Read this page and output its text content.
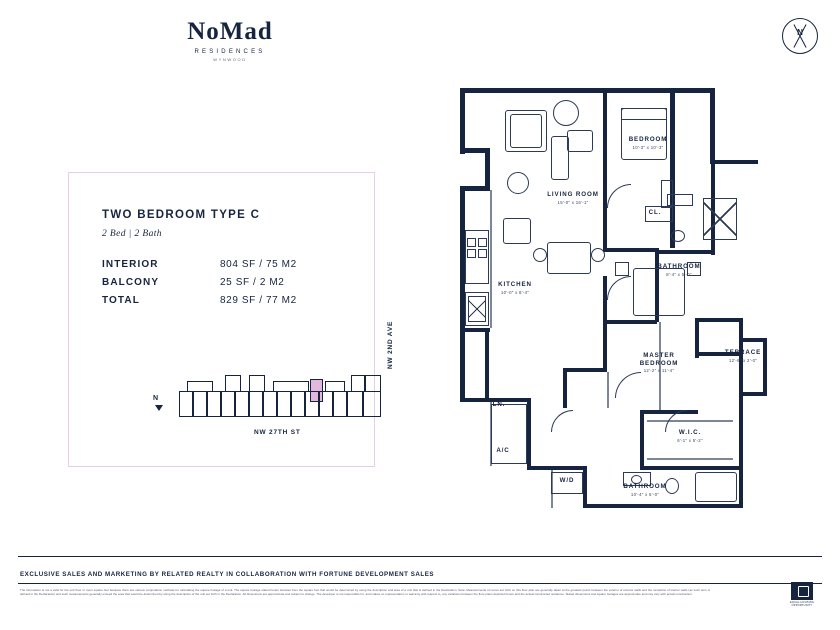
NoMad
RESIDENCES
WYNWOOD
N
TWO BEDROOM TYPE C
2 Bed | 2 Bath
INTERIOR	804 SF / 75 M2
BALCONY	25 SF / 2 M2
TOTAL	829 SF / 77 M2
N
NW 27TH ST
NW 2ND AVE
LIVING ROOM
15'-0" x 16'-1"
KITCHEN
10'-0" x 8'-4"
BEDROOM
10'-3" x 10'-3"
MASTER
BEDROOM
12'-2" x 11'-4"
BATHROOM
8'-4" x 5'-0"
BATHROOM
10'-4" x 5'-0"
TERRACE
12'-6" x 2'-0"
W.I.C.
6'-1" x 5'-2"
CL.
LN.
A/C
W/D
EXCLUSIVE SALES AND MARKETING BY RELATED REALTY IN COLLABORATION WITH FORTUNE DEVELOPMENT SALES
The information is not a valid for the unit floor or room square foot because there are various computation methods for calculating the square footage of a unit. The square footage stated herein deviates from the square foot that would be determined by using the description and area of a unit that is defined in the Declaration. Note: Measurements of rooms set forth on this floor plan are generally taken at the greatest points between the exterior of exterior walls and the centerline of interior walls (as such term is defined in the Declaration) and such measurements generally exceed the area that would be determined by using the description of the unit set forth in the Declaration. All dimensions are approximate and subject to change. The developer is not responsible for, and makes no representation or warranty with respect to, any variations between the floor plans depicted herein and the actual constructed residence. Stated dimensions and square footages are approximate and may vary with actual construction.
EQUAL HOUSING OPPORTUNITY
